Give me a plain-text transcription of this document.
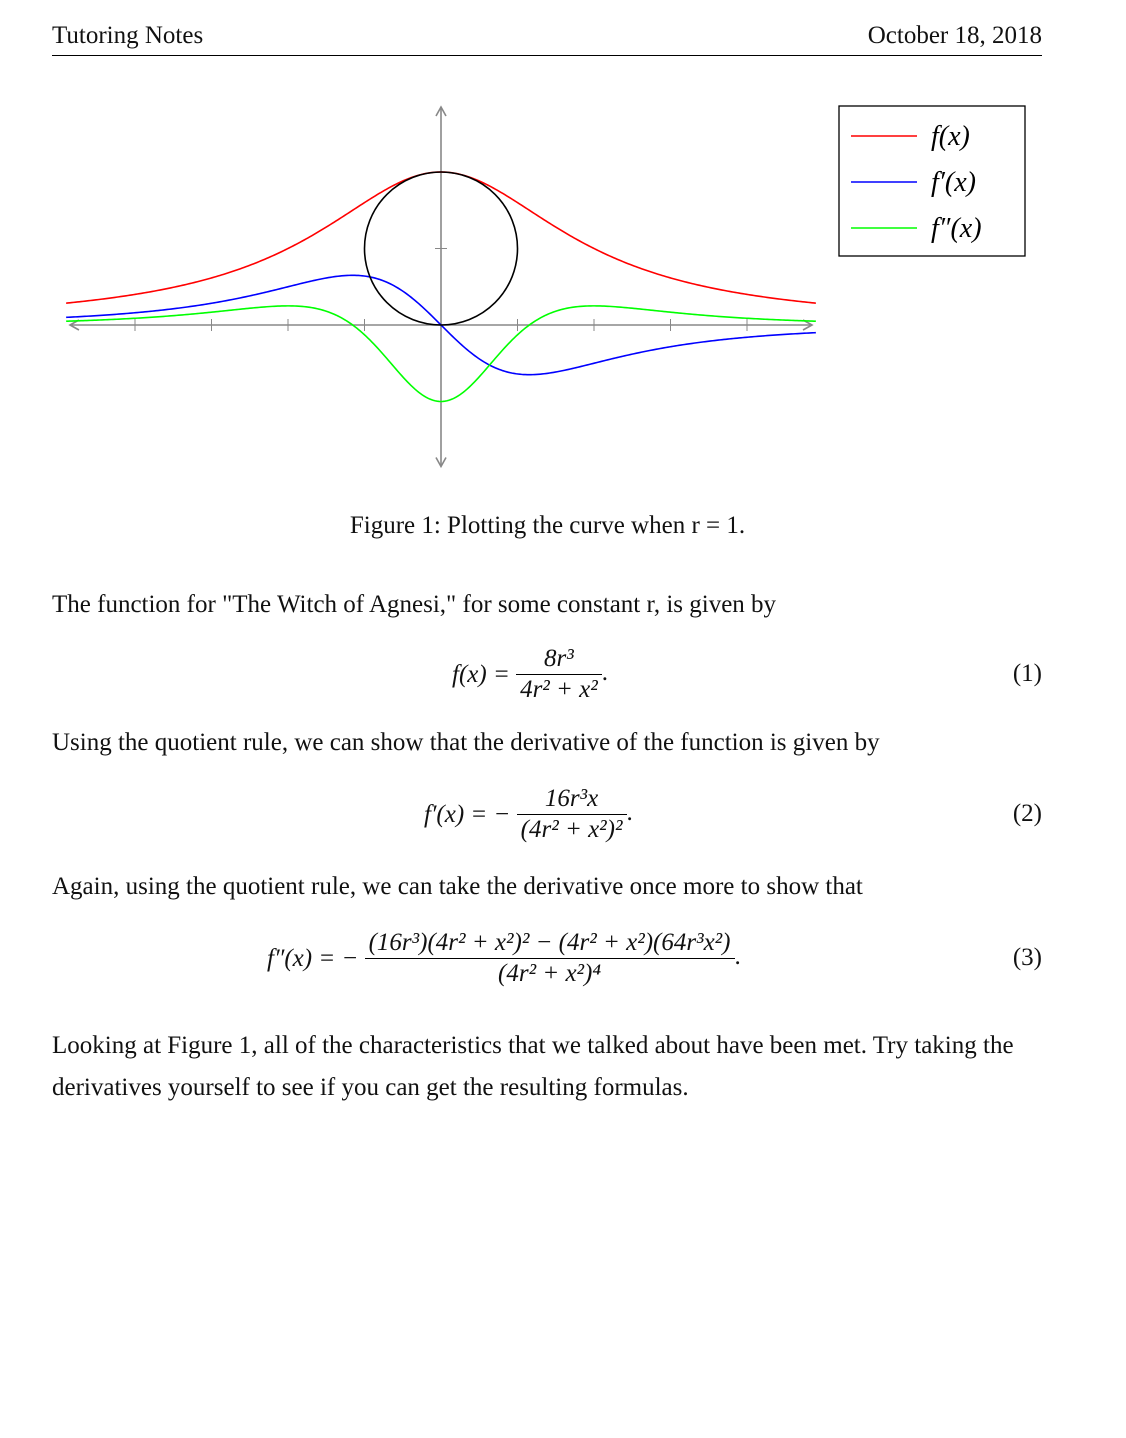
Tutoring Notes	October 18, 2018
f(x)
f′(x)
f″(x)
Figure 1: Plotting the curve when r = 1.
The function for "The Witch of Agnesi," for some constant r, is given by
$f(x) = \frac{\text{8r³}}{\text{4r² + x²}}$ .	(1)
Using the quotient rule, we can show that the derivative of the function is given by
f′(x) = − $\frac{\text{16r³x}}{\text{(4r² + x²)²}}$ .	(2)
Again, using the quotient rule, we can take the derivative once more to show that
f″(x) = − $\frac{\text{(16r³)(4r² + x²)² − (4r² + x²)(64r³x²)}}{\text{(4r² + x²)⁴}}$ .	(3)
Looking at Figure 1, all of the characteristics that we talked about have been met. Try taking the derivatives yourself to see if you can get the resulting formulas.
